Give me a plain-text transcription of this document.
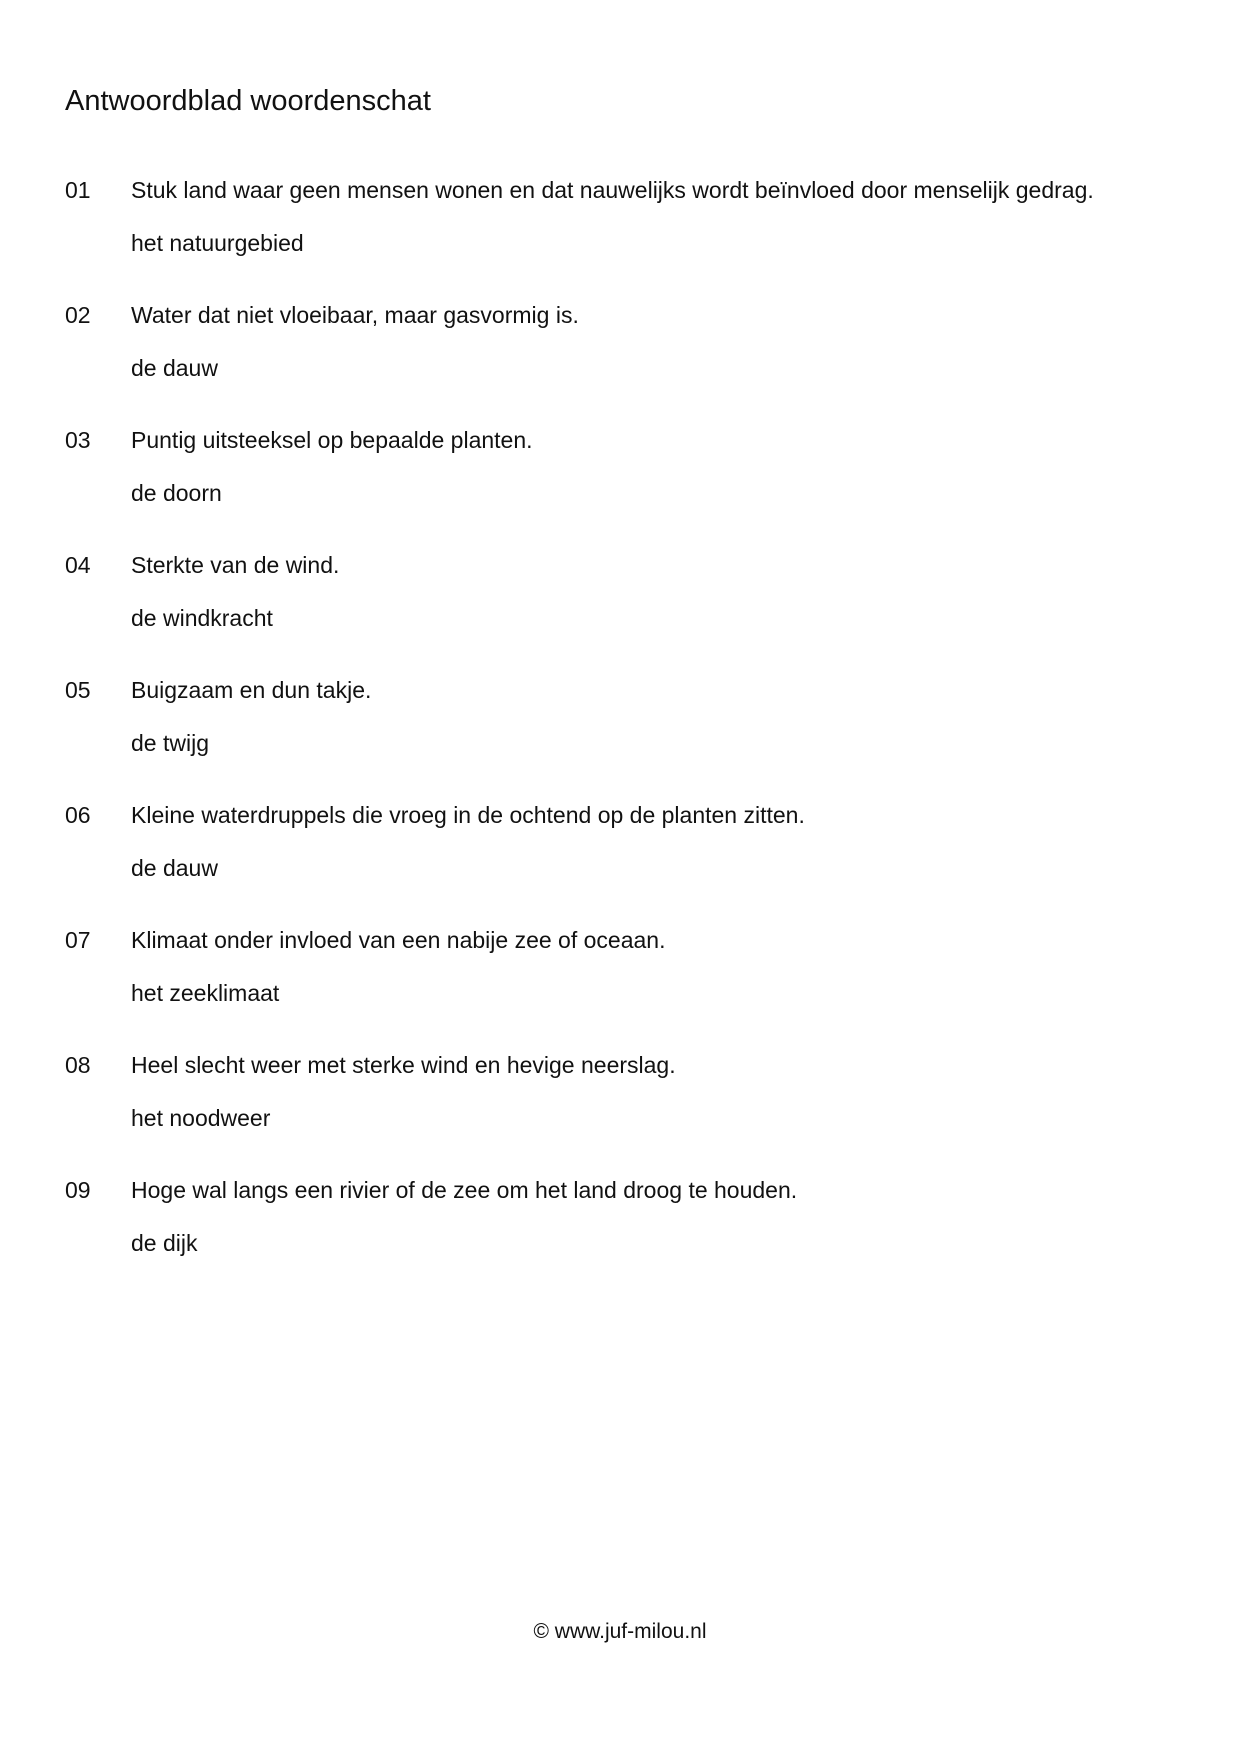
Antwoordblad woordenschat
01 Stuk land waar geen mensen wonen en dat nauwelijks wordt beïnvloed door menselijk gedrag.
het natuurgebied
02 Water dat niet vloeibaar, maar gasvormig is.
de dauw
03 Puntig uitsteeksel op bepaalde planten.
de doorn
04 Sterkte van de wind.
de windkracht
05 Buigzaam en dun takje.
de twijg
06 Kleine waterdruppels die vroeg in de ochtend op de planten zitten.
de dauw
07 Klimaat onder invloed van een nabije zee of oceaan.
het zeeklimaat
08 Heel slecht weer met sterke wind en hevige neerslag.
het noodweer
09 Hoge wal langs een rivier of de zee om het land droog te houden.
de dijk
© www.juf-milou.nl
